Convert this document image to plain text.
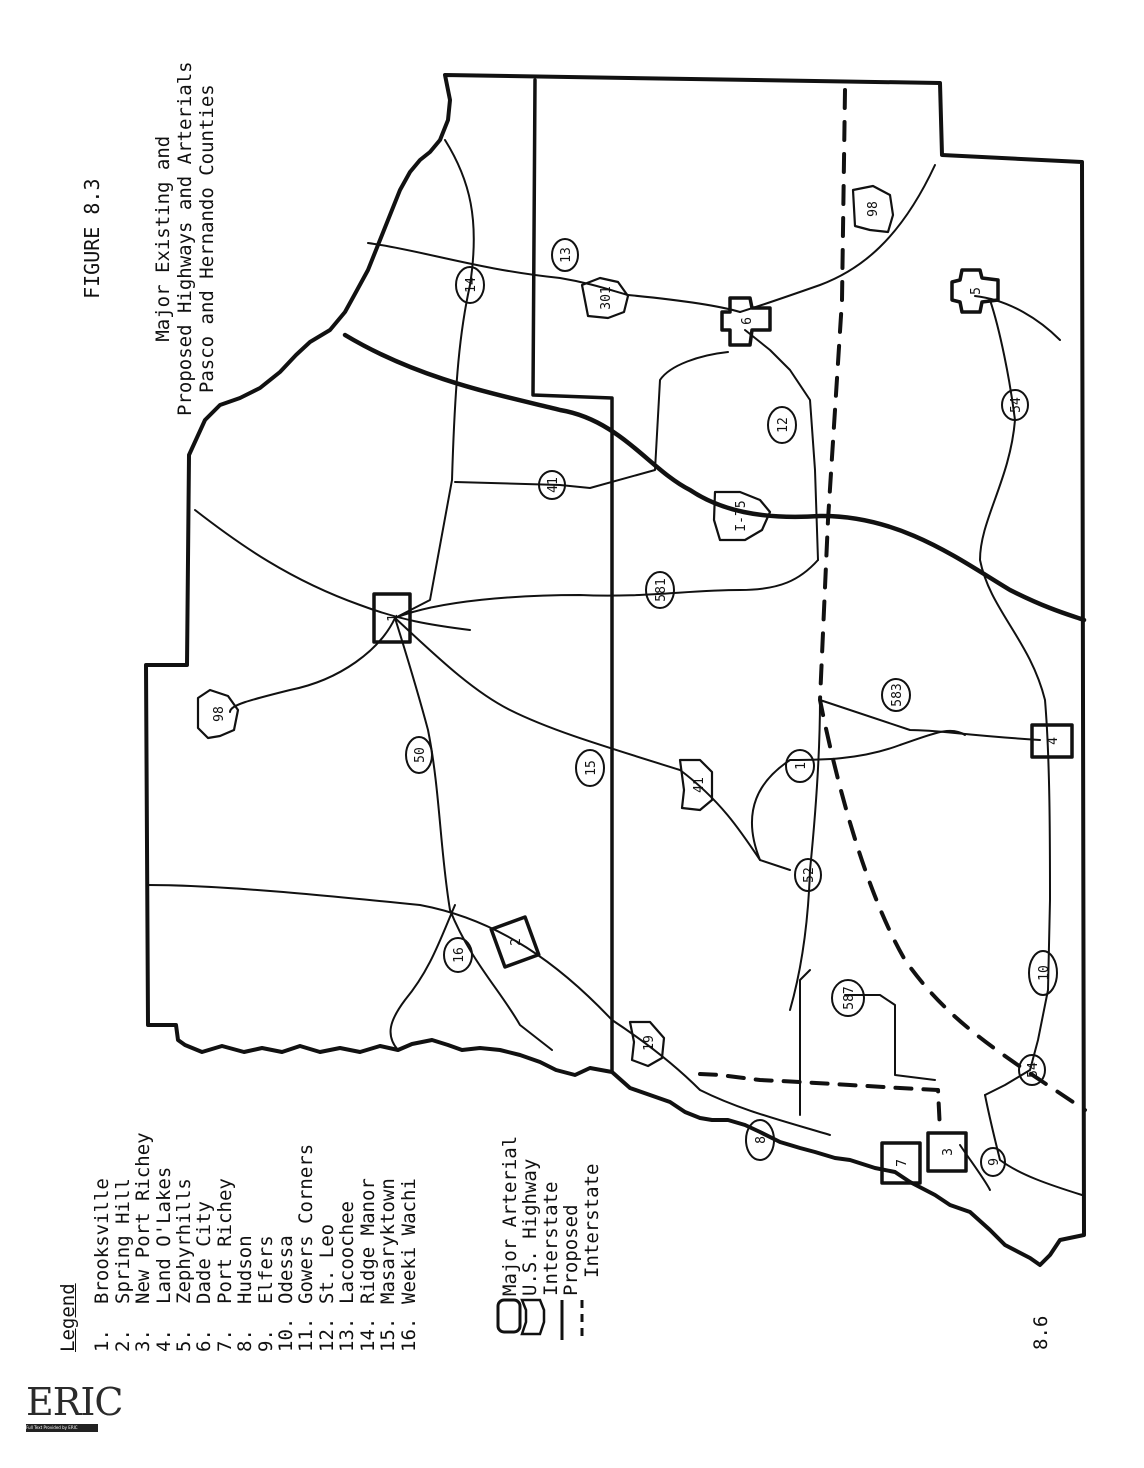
1
2
4
7
3
6
5
98
98
41
19
301
I-75
14
13
41
12
54
581
583
50
15	1
52
16
587
10
54
8
9
FIGURE 8.3	Major Existing and Proposed Highways and Arterials Pasco and Hernando Counties
Legend 1.
Brooksville
2.
Spring Hill
3.
New Port Richey
4.
Land O'Lakes
5.
Zephyrhills
6.
Dade City
7.
Port Richey
8.
Hudson
9.
Elfers
10.
Odessa
11.
Gowers Corners
12.
St. Leo
13.
Lacoochee
14.
Ridge Manor
15.
Masaryktown
16.
Weeki Wachi	Major Arterial
U.S. Highway
Interstate
Proposed
Interstate
8.6
ERIC
Full Text Provided by ERIC
